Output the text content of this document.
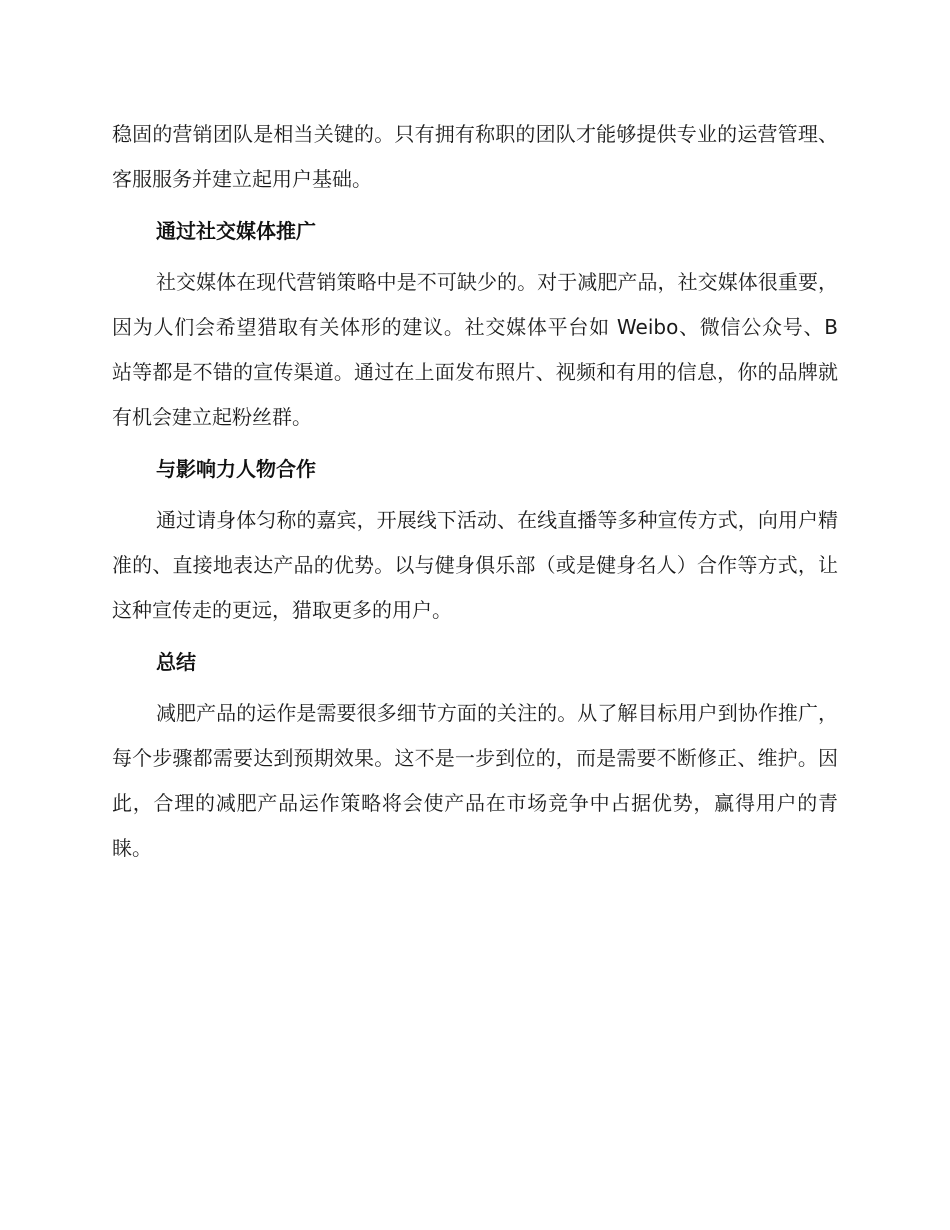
稳固的营销团队是相当关键的。只有拥有称职的团队才能够提供专业的运营管理、客服服务并建立起用户基础。

通过社交媒体推广

社交媒体在现代营销策略中是不可缺少的。对于减肥产品，社交媒体很重要，因为人们会希望猎取有关体形的建议。社交媒体平台如 Weibo、微信公众号、B 站等都是不错的宣传渠道。通过在上面发布照片、视频和有用的信息，你的品牌就有机会建立起粉丝群。

与影响力人物合作

通过请身体匀称的嘉宾，开展线下活动、在线直播等多种宣传方式，向用户精准的、直接地表达产品的优势。以与健身俱乐部（或是健身名人）合作等方式，让这种宣传走的更远，猎取更多的用户。

总结

减肥产品的运作是需要很多细节方面的关注的。从了解目标用户到协作推广，每个步骤都需要达到预期效果。这不是一步到位的，而是需要不断修正、维护。因此，合理的减肥产品运作策略将会使产品在市场竞争中占据优势，赢得用户的青睐。
